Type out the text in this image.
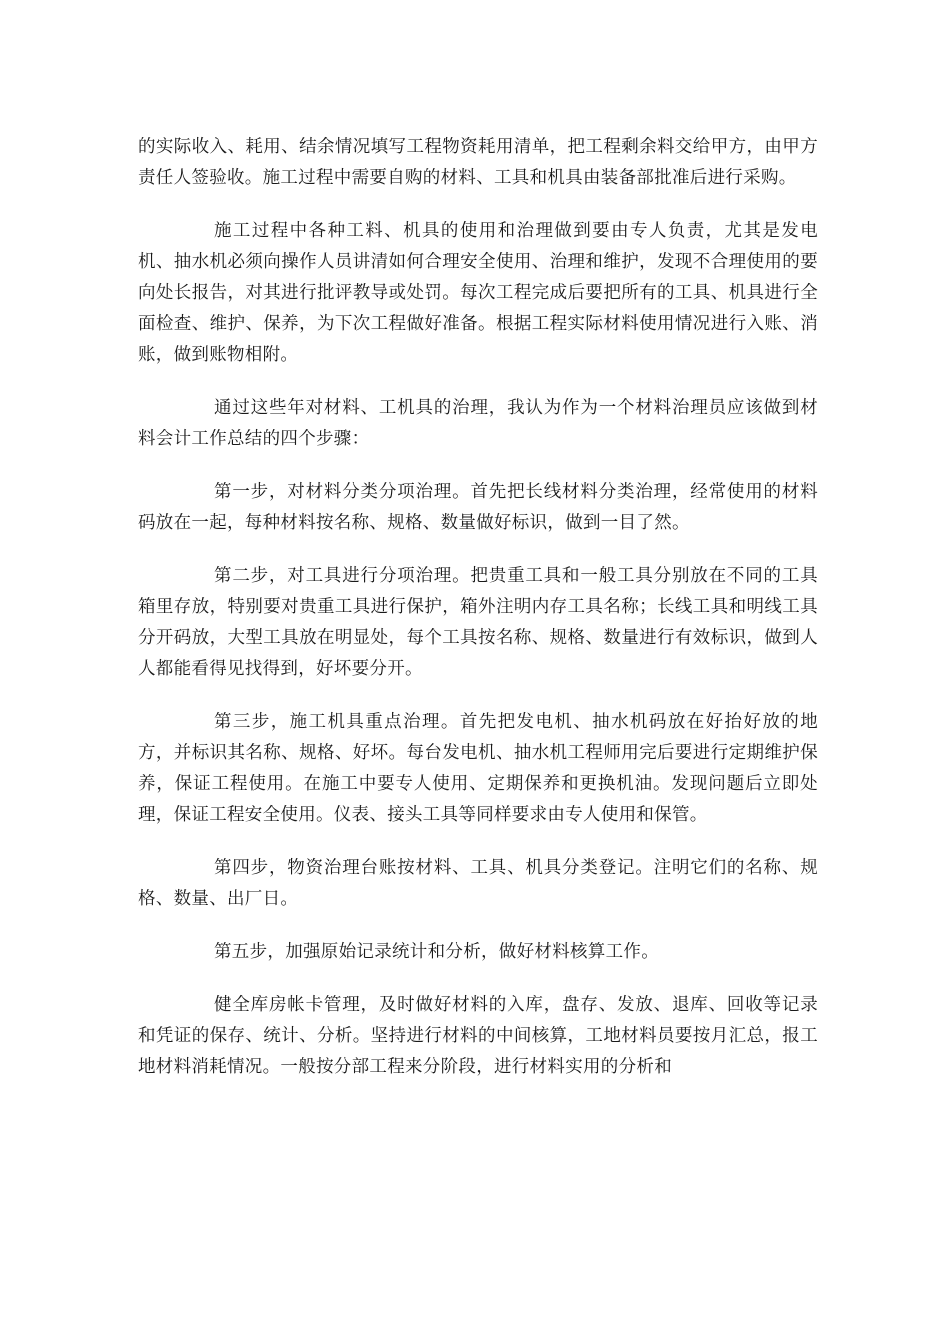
的实际收入、耗用、结余情况填写工程物资耗用清单，把工程剩余料交给甲方，由甲方责任人签验收。施工过程中需要自购的材料、工具和机具由装备部批准后进行采购。

施工过程中各种工料、机具的使用和治理做到要由专人负责，尤其是发电机、抽水机必须向操作人员讲清如何合理安全使用、治理和维护，发现不合理使用的要向处长报告，对其进行批评教导或处罚。每次工程完成后要把所有的工具、机具进行全面检查、维护、保养，为下次工程做好准备。根据工程实际材料使用情况进行入账、消账，做到账物相附。

通过这些年对材料、工机具的治理，我认为作为一个材料治理员应该做到材料会计工作总结的四个步骤：

第一步，对材料分类分项治理。首先把长线材料分类治理，经常使用的材料码放在一起，每种材料按名称、规格、数量做好标识，做到一目了然。

第二步，对工具进行分项治理。把贵重工具和一般工具分别放在不同的工具箱里存放，特别要对贵重工具进行保护，箱外注明内存工具名称；长线工具和明线工具分开码放，大型工具放在明显处，每个工具按名称、规格、数量进行有效标识，做到人人都能看得见找得到，好坏要分开。

第三步，施工机具重点治理。首先把发电机、抽水机码放在好抬好放的地方，并标识其名称、规格、好坏。每台发电机、抽水机工程师用完后要进行定期维护保养，保证工程使用。在施工中要专人使用、定期保养和更换机油。发现问题后立即处理，保证工程安全使用。仪表、接头工具等同样要求由专人使用和保管。

第四步，物资治理台账按材料、工具、机具分类登记。注明它们的名称、规格、数量、出厂日。

第五步，加强原始记录统计和分析，做好材料核算工作。

健全库房帐卡管理，及时做好材料的入库，盘存、发放、退库、回收等记录和凭证的保存、统计、分析。坚持进行材料的中间核算，工地材料员要按月汇总，报工地材料消耗情况。一般按分部工程来分阶段，进行材料实用的分析和
